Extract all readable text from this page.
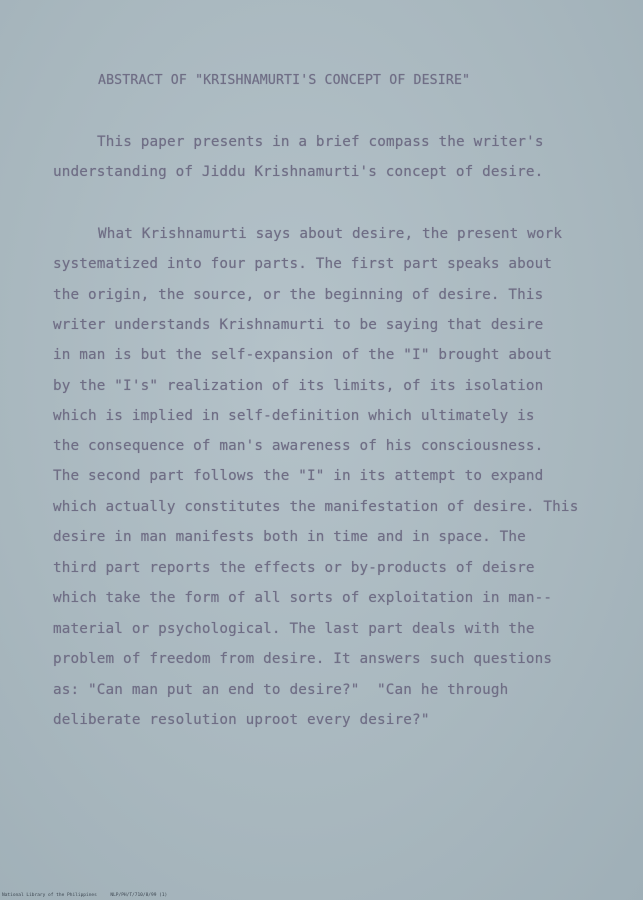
ABSTRACT OF "KRISHNAMURTI'S CONCEPT OF DESIRE"

This paper presents in a brief compass the writer's

understanding of Jiddu Krishnamurti's concept of desire.

What Krishnamurti says about desire, the present work

systematized into four parts. The first part speaks about

the origin, the source, or the beginning of desire. This

writer understands Krishnamurti to be saying that desire

in man is but the self-expansion of the "I" brought about

by the "I's" realization of its limits, of its isolation

which is implied in self-definition which ultimately is

the consequence of man's awareness of his consciousness.

The second part follows the "I" in its attempt to expand

which actually constitutes the manifestation of desire. This

desire in man manifests both in time and in space. The

third part reports the effects or by-products of deisre

which take the form of all sorts of exploitation in man--

material or psychological. The last part deals with the

problem of freedom from desire. It answers such questions

as: "Can man put an end to desire?"  "Can he through

deliberate resolution uproot every desire?"

National Library of the Philippines	NLP/PH/T/710/8/99 (1)
